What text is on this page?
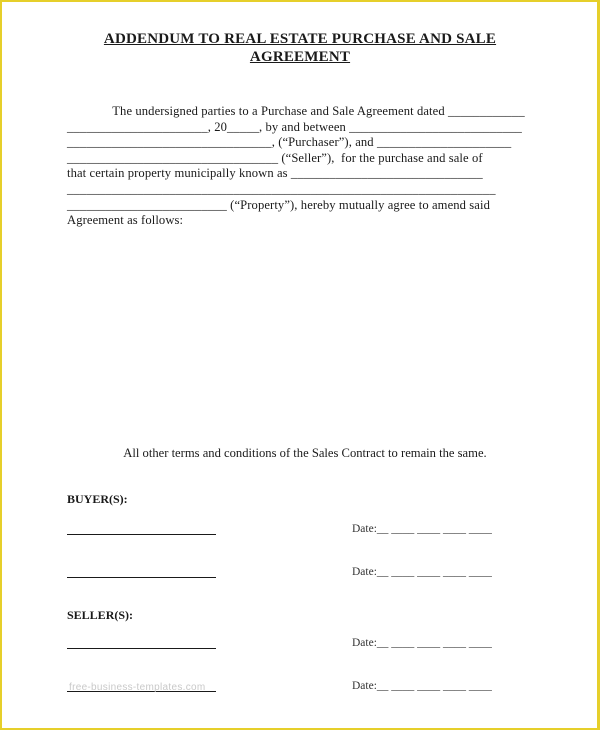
ADDENDUM TO REAL ESTATE PURCHASE AND SALE
AGREEMENT
The undersigned parties to a Purchase and Sale Agreement dated ____________
______________________, 20_____, by and between ___________________________
________________________________, (“Purchaser”), and _____________________
_________________________________ (“Seller”),  for the purchase and sale of
that certain property municipally known as ______________________________
___________________________________________________________________
_________________________ (“Property”), hereby mutually agree to amend said
Agreement as follows:
All other terms and conditions of the Sales Contract to remain the same.
BUYER(S):
Date:__ ____ ____ ____ ____
Date:__ ____ ____ ____ ____
SELLER(S):
Date:__ ____ ____ ____ ____
Date:__ ____ ____ ____ ____
free-business-templates.com
